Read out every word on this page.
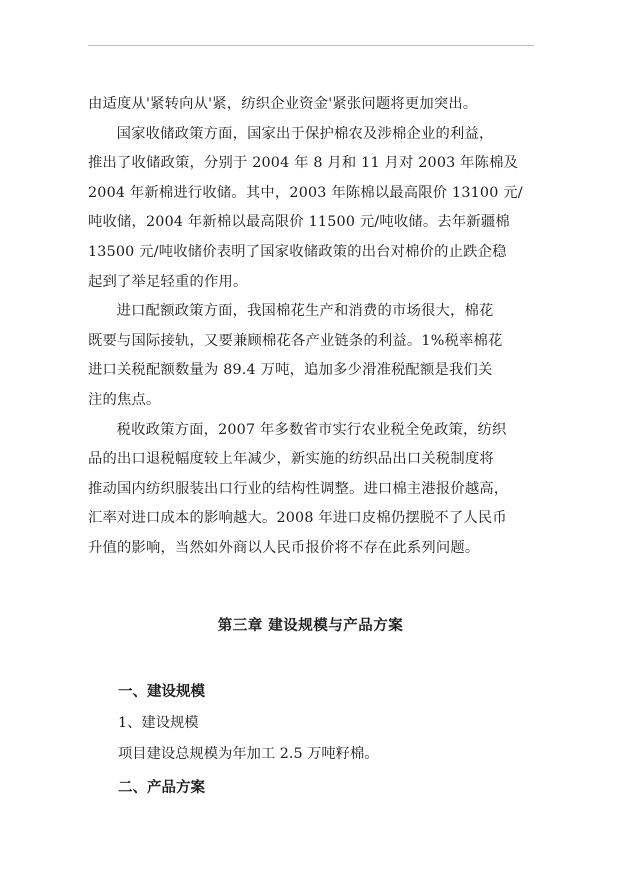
由适度从'紧转向从'紧，纺织企业资金'紧张问题将更加突出。

国家收储政策方面，国家出于保护棉农及涉棉企业的利益，

推出了收储政策，分别于 2004 年 8 月和 11 月对 2003 年陈棉及
2004 年新棉进行收储。其中，2003 年陈棉以最高限价 13100 元/
吨收储，2004 年新棉以最高限价 11500 元/吨收储。去年新疆棉
13500 元/吨收储价表明了国家收储政策的出台对棉价的止跌企稳
起到了举足轻重的作用。

进口配额政策方面，我国棉花生产和消费的市场很大，棉花

既要与国际接轨，又要兼顾棉花各产业链条的利益。1%税率棉花
进口关税配额数量为 89.4 万吨，追加多少滑准税配额是我们关
注的焦点。

税收政策方面，2007 年多数省市实行农业税全免政策，纺织

品的出口退税幅度较上年减少，新实施的纺织品出口关税制度将
推动国内纺织服装出口行业的结构性调整。进口棉主港报价越高，
汇率对进口成本的影响越大。2008 年进口皮棉仍摆脱不了人民币
升值的影响，当然如外商以人民币报价将不存在此系列问题。

第三章 建设规模与产品方案
一、建设规模
1、建设规模
项目建设总规模为年加工 2.5 万吨籽棉。
二、产品方案
